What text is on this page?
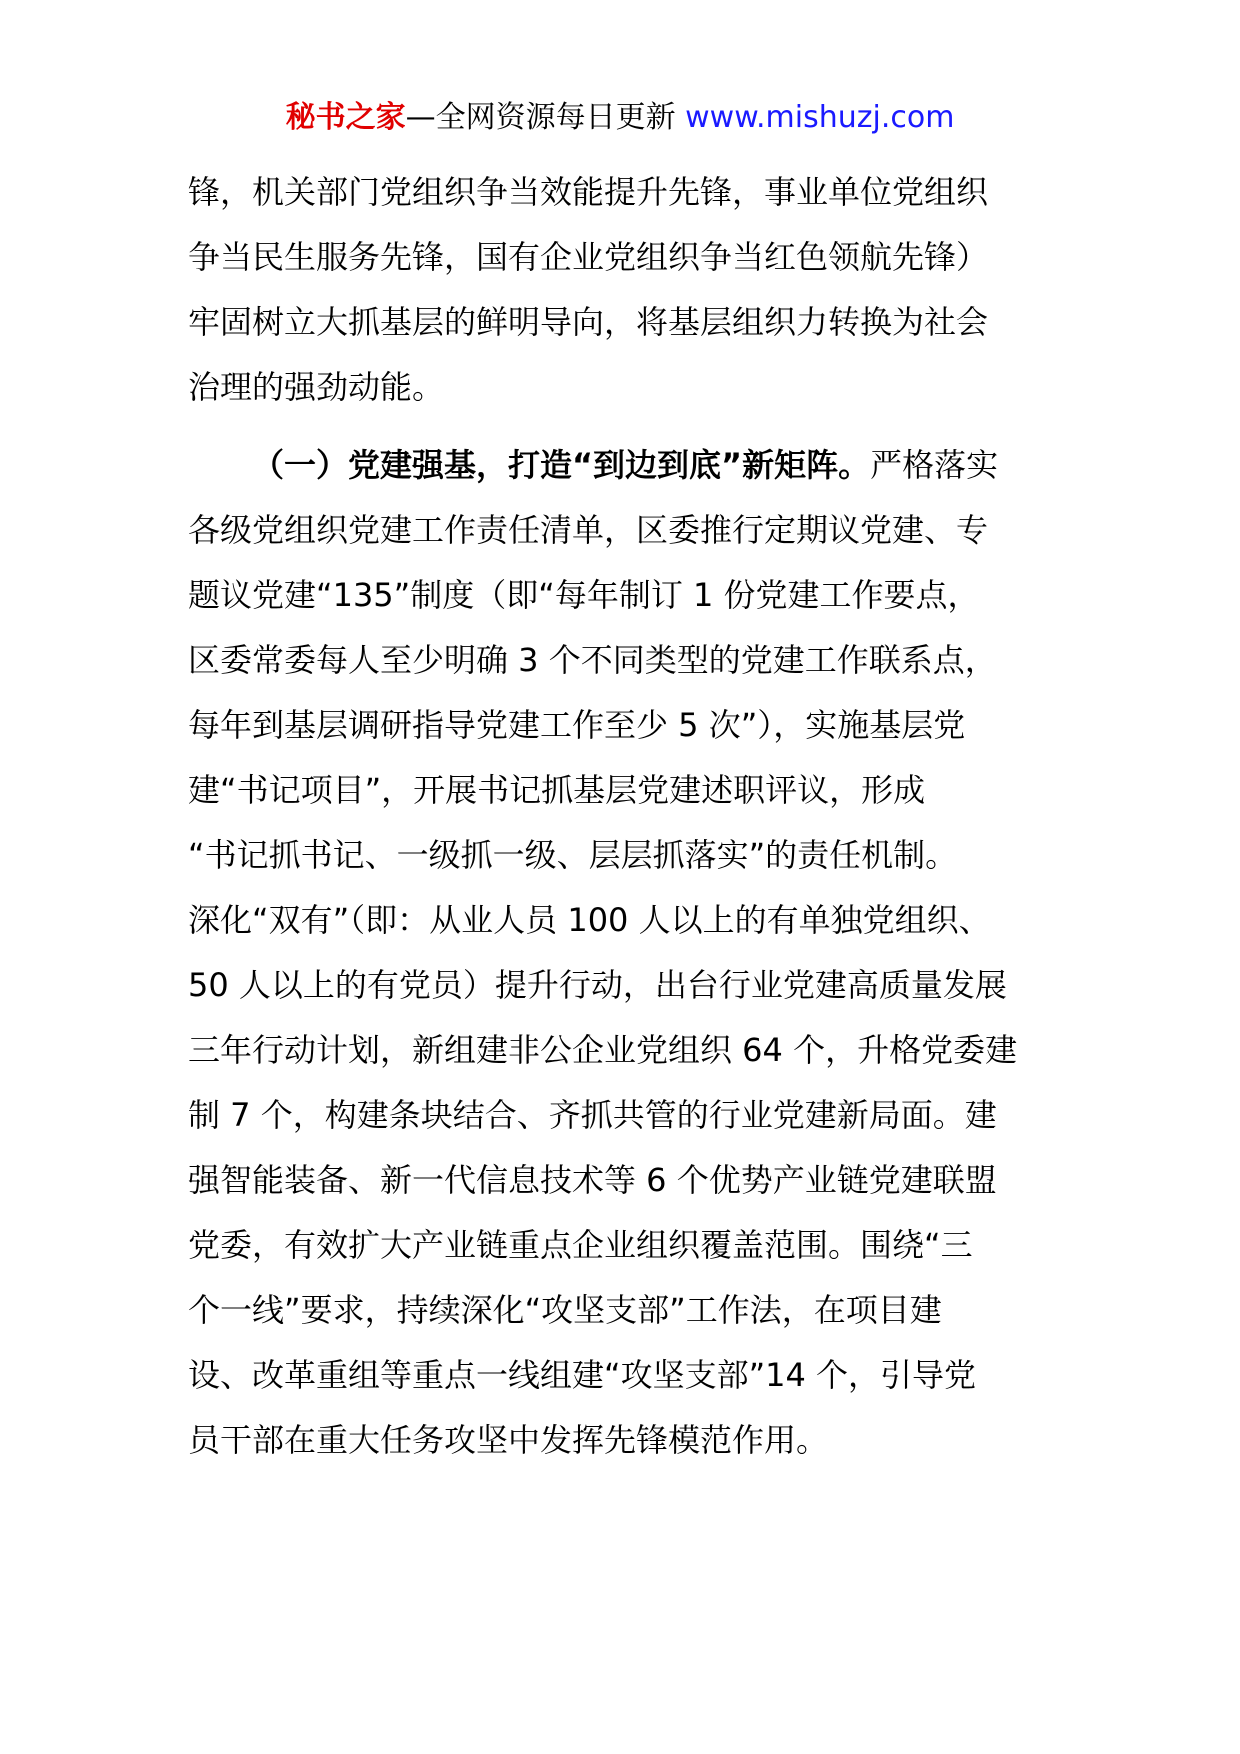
秘书之家—全网资源每日更新 www.mishuzj.com
锋，机关部门党组织争当效能提升先锋，事业单位党组织
争当民生服务先锋，国有企业党组织争当红色领航先锋）
牢固树立大抓基层的鲜明导向，将基层组织力转换为社会
治理的强劲动能。
（一）党建强基，打造“到边到底”新矩阵。严格落实
各级党组织党建工作责任清单，区委推行定期议党建、专
题议党建“135”制度（即“每年制订 1 份党建工作要点，
区委常委每人至少明确 3 个不同类型的党建工作联系点，
每年到基层调研指导党建工作至少 5 次”），实施基层党
建“书记项目”，开展书记抓基层党建述职评议，形成
“书记抓书记、一级抓一级、层层抓落实”的责任机制。
深化“双有”（即：从业人员 100 人以上的有单独党组织、
50 人以上的有党员）提升行动，出台行业党建高质量发展
三年行动计划，新组建非公企业党组织 64 个，升格党委建
制 7 个，构建条块结合、齐抓共管的行业党建新局面。建
强智能装备、新一代信息技术等 6 个优势产业链党建联盟
党委，有效扩大产业链重点企业组织覆盖范围。围绕“三
个一线”要求，持续深化“攻坚支部”工作法，在项目建
设、改革重组等重点一线组建“攻坚支部”14 个，引导党
员干部在重大任务攻坚中发挥先锋模范作用。
